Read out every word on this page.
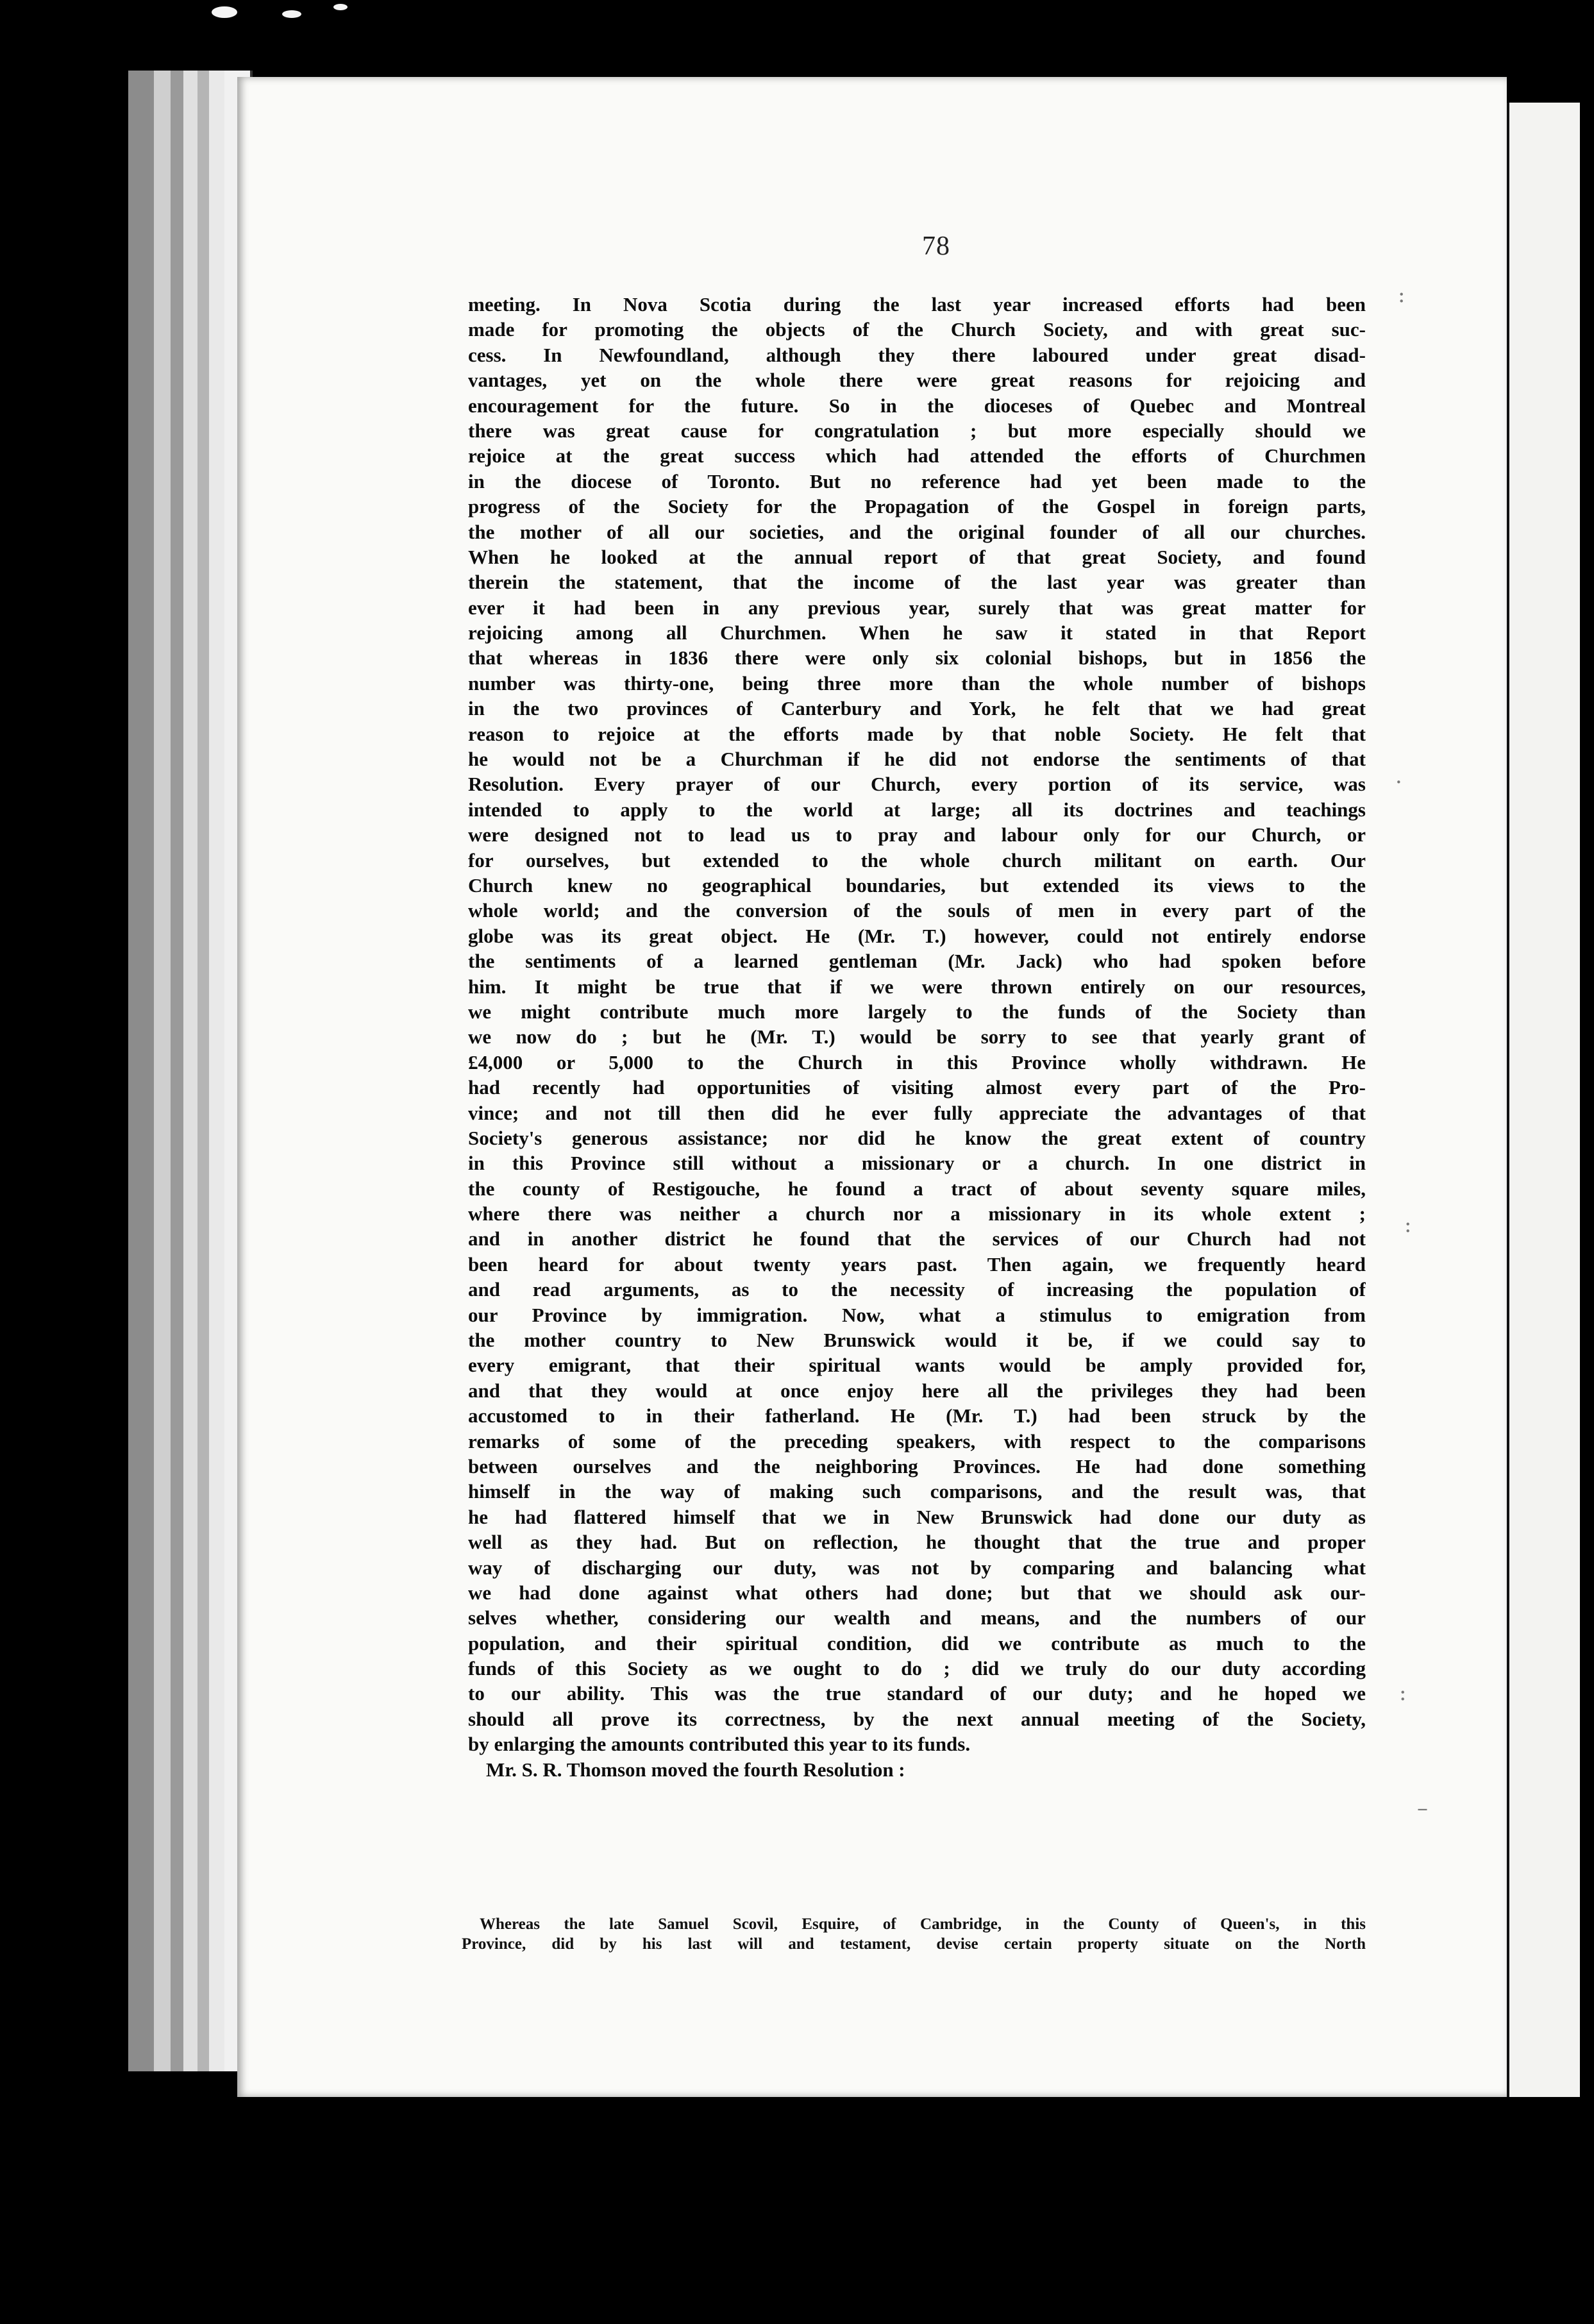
78
meeting. In Nova Scotia during the last year increased efforts had been
made for promoting the objects of the Church Society, and with great suc-
cess. In Newfoundland, although they there laboured under great disad-
vantages, yet on the whole there were great reasons for rejoicing and
encouragement for the future. So in the dioceses of Quebec and Montreal
there was great cause for congratulation ; but more especially should we
rejoice at the great success which had attended the efforts of Churchmen
in the diocese of Toronto. But no reference had yet been made to the
progress of the Society for the Propagation of the Gospel in foreign parts,
the mother of all our societies, and the original founder of all our churches.
When he looked at the annual report of that great Society, and found
therein the statement, that the income of the last year was greater than
ever it had been in any previous year, surely that was great matter for
rejoicing among all Churchmen. When he saw it stated in that Report
that whereas in 1836 there were only six colonial bishops, but in 1856 the
number was thirty-one, being three more than the whole number of bishops
in the two provinces of Canterbury and York, he felt that we had great
reason to rejoice at the efforts made by that noble Society. He felt that
he would not be a Churchman if he did not endorse the sentiments of that
Resolution. Every prayer of our Church, every portion of its service, was
intended to apply to the world at large; all its doctrines and teachings
were designed not to lead us to pray and labour only for our Church, or
for ourselves, but extended to the whole church militant on earth. Our
Church knew no geographical boundaries, but extended its views to the
whole world; and the conversion of the souls of men in every part of the
globe was its great object. He (Mr. T.) however, could not entirely endorse
the sentiments of a learned gentleman (Mr. Jack) who had spoken before
him. It might be true that if we were thrown entirely on our resources,
we might contribute much more largely to the funds of the Society than
we now do ; but he (Mr. T.) would be sorry to see that yearly grant of
£4,000 or 5,000 to the Church in this Province wholly withdrawn. He
had recently had opportunities of visiting almost every part of the Pro-
vince; and not till then did he ever fully appreciate the advantages of that
Society's generous assistance; nor did he know the great extent of country
in this Province still without a missionary or a church. In one district in
the county of Restigouche, he found a tract of about seventy square miles,
where there was neither a church nor a missionary in its whole extent ;
and in another district he found that the services of our Church had not
been heard for about twenty years past. Then again, we frequently heard
and read arguments, as to the necessity of increasing the population of
our Province by immigration. Now, what a stimulus to emigration from
the mother country to New Brunswick would it be, if we could say to
every emigrant, that their spiritual wants would be amply provided for,
and that they would at once enjoy here all the privileges they had been
accustomed to in their fatherland. He (Mr. T.) had been struck by the
remarks of some of the preceding speakers, with respect to the comparisons
between ourselves and the neighboring Provinces. He had done something
himself in the way of making such comparisons, and the result was, that
he had flattered himself that we in New Brunswick had done our duty as
well as they had. But on reflection, he thought that the true and proper
way of discharging our duty, was not by comparing and balancing what
we had done against what others had done; but that we should ask our-
selves whether, considering our wealth and means, and the numbers of our
population, and their spiritual condition, did we contribute as much to the
funds of this Society as we ought to do ; did we truly do our duty according
to our ability. This was the true standard of our duty; and he hoped we
should all prove its correctness, by the next annual meeting of the Society,
by enlarging the amounts contributed this year to its funds.
Mr. S. R. Thomson moved the fourth Resolution :
Whereas the late Samuel Scovil, Esquire, of Cambridge, in the County of Queen's, in this
Province, did by his last will and testament, devise certain property situate on the North
:
·
:
:
–
